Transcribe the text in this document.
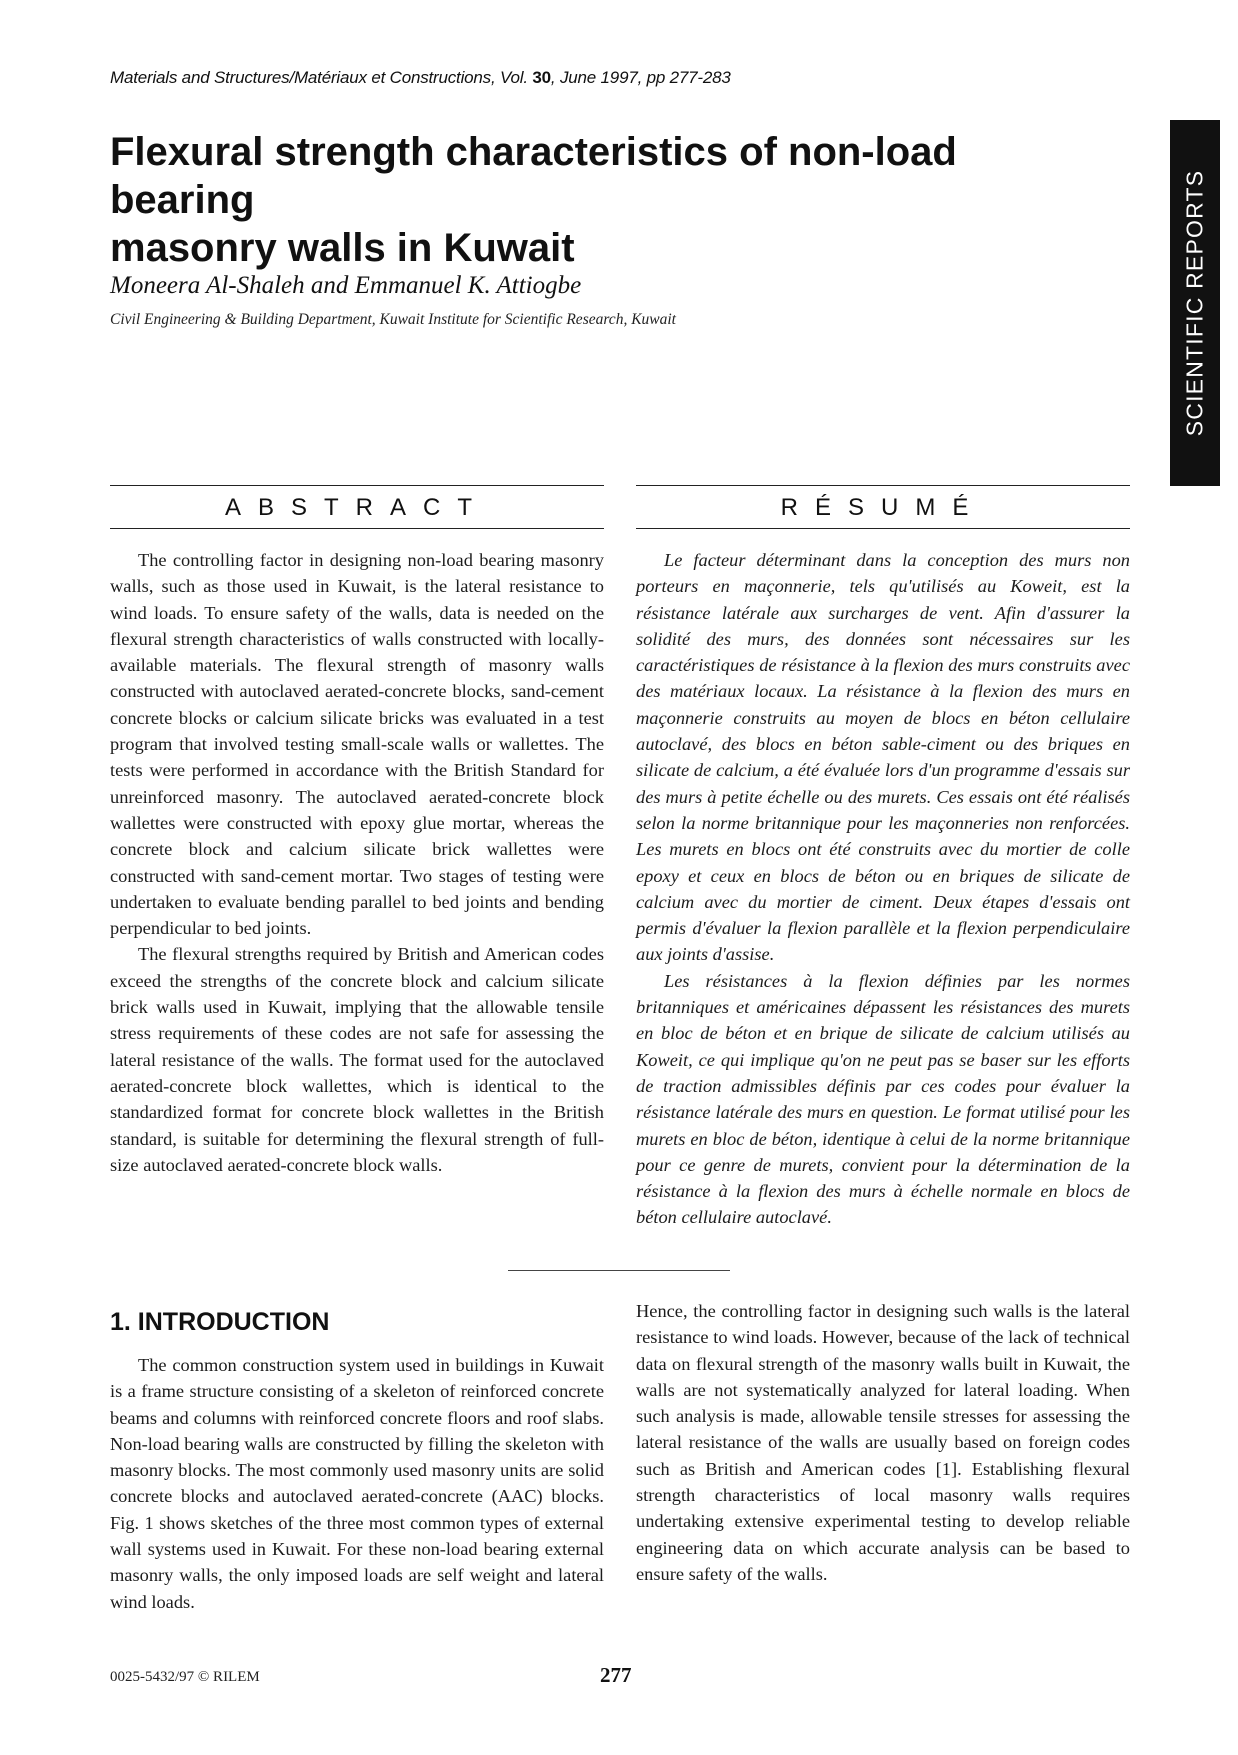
Materials and Structures/Matériaux et Constructions, Vol. 30, June 1997, pp 277-283
Flexural strength characteristics of non-load bearing
masonry walls in Kuwait
Moneera Al-Shaleh and Emmanuel K. Attiogbe
Civil Engineering & Building Department, Kuwait Institute for Scientific Research, Kuwait	SCIENTIFIC REPORTS
ABSTRACT	RÉSUMÉ

The controlling factor in designing non-load bearing masonry walls, such as those used in Kuwait, is the lateral resistance to wind loads. To ensure safety of the walls, data is needed on the flexural strength characteristics of walls constructed with locally-available materials. The flexural strength of masonry walls constructed with autoclaved aerated-concrete blocks, sand-cement concrete blocks or calcium silicate bricks was evaluated in a test program that involved testing small-scale walls or wallettes. The tests were performed in accordance with the British Standard for unreinforced masonry. The autoclaved aerated-concrete block wallettes were constructed with epoxy glue mortar, whereas the concrete block and calcium silicate brick wallettes were constructed with sand-cement mortar. Two stages of testing were undertaken to evaluate bending parallel to bed joints and bending perpendicular to bed joints.

The flexural strengths required by British and American codes exceed the strengths of the concrete block and calcium silicate brick walls used in Kuwait, implying that the allowable tensile stress requirements of these codes are not safe for assessing the lateral resistance of the walls. The format used for the autoclaved aerated-concrete block wallettes, which is identical to the standardized format for concrete block wallettes in the British standard, is suitable for determining the flexural strength of full-size autoclaved aerated-concrete block walls.

Le facteur déterminant dans la conception des murs non porteurs en maçonnerie, tels qu'utilisés au Koweit, est la résistance latérale aux surcharges de vent. Afin d'assurer la solidité des murs, des données sont nécessaires sur les caractéristiques de résistance à la flexion des murs construits avec des matériaux locaux. La résistance à la flexion des murs en maçonnerie construits au moyen de blocs en béton cellulaire autoclavé, des blocs en béton sable-ciment ou des briques en silicate de calcium, a été évaluée lors d'un programme d'essais sur des murs à petite échelle ou des murets. Ces essais ont été réalisés selon la norme britannique pour les maçonneries non renforcées. Les murets en blocs ont été construits avec du mortier de colle epoxy et ceux en blocs de béton ou en briques de silicate de calcium avec du mortier de ciment. Deux étapes d'essais ont permis d'évaluer la flexion parallèle et la flexion perpendiculaire aux joints d'assise.

Les résistances à la flexion définies par les normes britanniques et américaines dépassent les résistances des murets en bloc de béton et en brique de silicate de calcium utilisés au Koweit, ce qui implique qu'on ne peut pas se baser sur les efforts de traction admissibles définis par ces codes pour évaluer la résistance latérale des murs en question. Le format utilisé pour les murets en bloc de béton, identique à celui de la norme britannique pour ce genre de murets, convient pour la détermination de la résistance à la flexion des murs à échelle normale en blocs de béton cellulaire autoclavé.

1. INTRODUCTION

The common construction system used in buildings in Kuwait is a frame structure consisting of a skeleton of reinforced concrete beams and columns with reinforced concrete floors and roof slabs. Non-load bearing walls are constructed by filling the skeleton with masonry blocks. The most commonly used masonry units are solid concrete blocks and autoclaved aerated-concrete (AAC) blocks. Fig. 1 shows sketches of the three most common types of external wall systems used in Kuwait. For these non-load bearing external masonry walls, the only imposed loads are self weight and lateral wind loads.

Hence, the controlling factor in designing such walls is the lateral resistance to wind loads. However, because of the lack of technical data on flexural strength of the masonry walls built in Kuwait, the walls are not systematically analyzed for lateral loading. When such analysis is made, allowable tensile stresses for assessing the lateral resistance of the walls are usually based on foreign codes such as British and American codes [1]. Establishing flexural strength characteristics of local masonry walls requires undertaking extensive experimental testing to develop reliable engineering data on which accurate analysis can be based to ensure safety of the walls.

0025-5432/97 © RILEM	277
